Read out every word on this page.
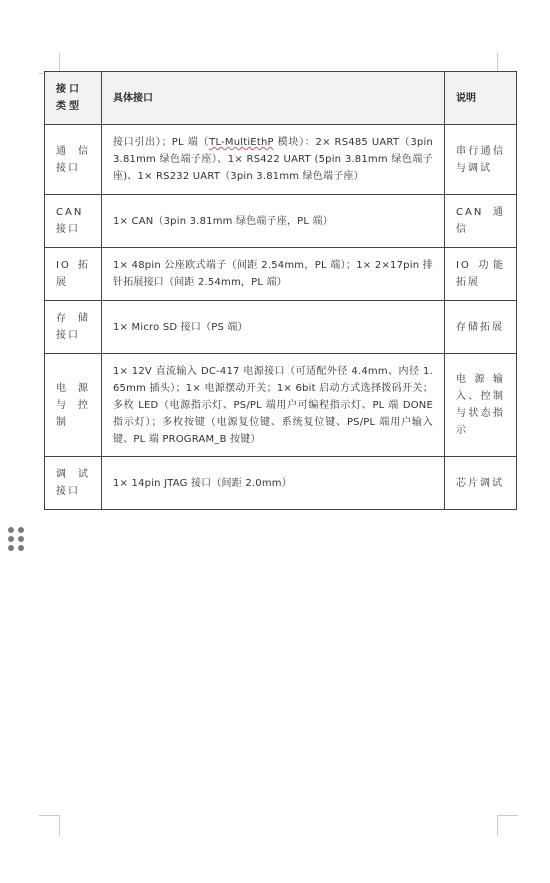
接口类型	具体接口	说明
通信接口	接口引出）；PL 端（TL-MultiEthP 模块）：2× RS485 UART（3pin 3.81mm 绿色端子座）、1× RS422 UART (5pin 3.81mm 绿色端子座)、1× RS232 UART（3pin 3.81mm 绿色端子座）	串行通信与调试
CAN 接口	1× CAN（3pin 3.81mm 绿色端子座，PL 端）	CAN 通信
IO 拓展	1× 48pin 公座欧式端子（间距 2.54mm，PL 端）；1× 2×17pin 排针拓展接口（间距 2.54mm，PL 端）	IO 功能拓展
存储接口	1× Micro SD 接口（PS 端）	存储拓展
电源与控制	1× 12V 直流输入 DC-417 电源接口（可适配外径 4.4mm、内径 1.65mm 插头）；1× 电源摆动开关；1× 6bit 启动方式选择拨码开关；多枚 LED（电源指示灯、PS/PL 端用户可编程指示灯、PL 端 DONE 指示灯）；多枚按键（电源复位键、系统复位键、PS/PL 端用户输入键、PL 端 PROGRAM_B 按键）	电源输入、控制与状态指示
调试接口	1× 14pin JTAG 接口（间距 2.0mm）	芯片调试
